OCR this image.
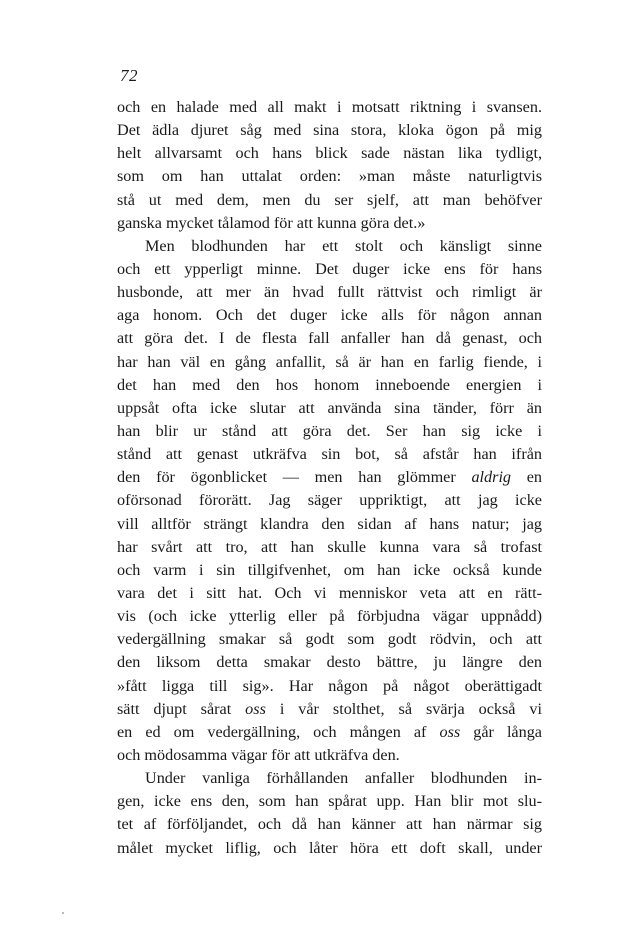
72
och en halade med all makt i motsatt riktning i svansen.
Det ädla djuret såg med sina stora, kloka ögon på mig
helt allvarsamt och hans blick sade nästan lika tydligt,
som om han uttalat orden: »man måste naturligtvis
stå ut med dem, men du ser sjelf, att man behöfver
ganska mycket tålamod för att kunna göra det.»
Men blodhunden har ett stolt och känsligt sinne
och ett ypperligt minne. Det duger icke ens för hans
husbonde, att mer än hvad fullt rättvist och rimligt är
aga honom. Och det duger icke alls för någon annan
att göra det. I de flesta fall anfaller han då genast, och
har han väl en gång anfallit, så är han en farlig fiende, i
det han med den hos honom inneboende energien i
uppsåt ofta icke slutar att använda sina tänder, förr än
han blir ur stånd att göra det. Ser han sig icke i
stånd att genast utkräfva sin bot, så afstår han ifrån
den för ögonblicket — men han glömmer aldrig en
oförsonad förorätt. Jag säger uppriktigt, att jag icke
vill alltför strängt klandra den sidan af hans natur; jag
har svårt att tro, att han skulle kunna vara så trofast
och varm i sin tillgifvenhet, om han icke också kunde
vara det i sitt hat. Och vi menniskor veta att en rätt-
vis (och icke ytterlig eller på förbjudna vägar uppnådd)
vedergällning smakar så godt som godt rödvin, och att
den liksom detta smakar desto bättre, ju längre den
»fått ligga till sig». Har någon på något oberättigadt
sätt djupt sårat oss i vår stolthet, så svärja också vi
en ed om vedergällning, och mången af oss går långa
och mödosamma vägar för att utkräfva den.
Under vanliga förhållanden anfaller blodhunden in-
gen, icke ens den, som han spårat upp. Han blir mot slu-
tet af förföljandet, och då han känner att han närmar sig
målet mycket liflig, och låter höra ett doft skall, under
